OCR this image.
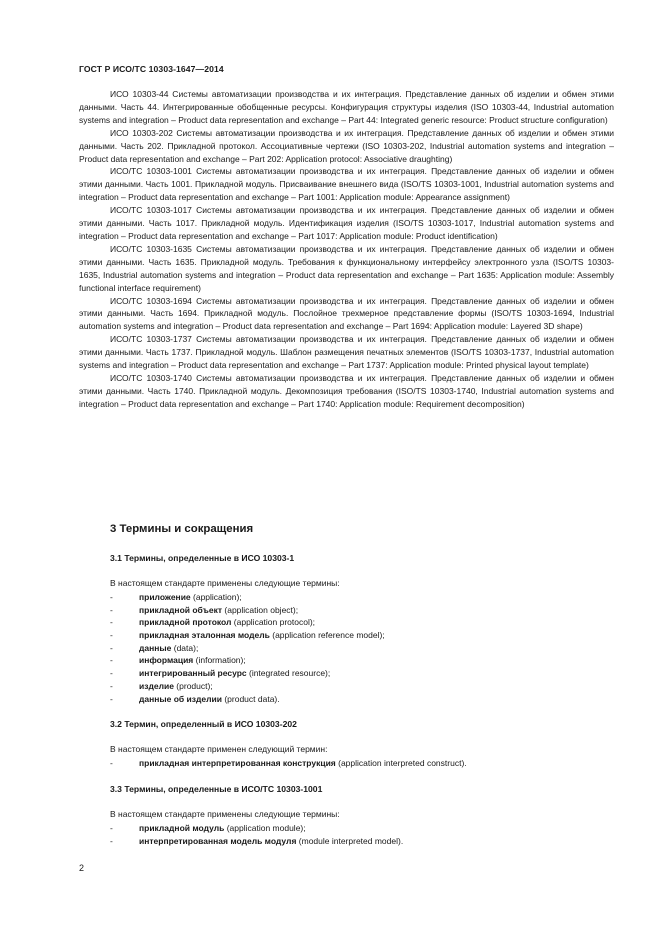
ГОСТ Р ИСО/ТС 10303-1647—2014

ИСО 10303-44 Системы автоматизации производства и их интеграция. Представление данных об изделии и обмен этими данными. Часть 44. Интегрированные обобщенные ресурсы. Конфигурация структуры изделия (ISO 10303-44, Industrial automation systems and integration – Product data representation and exchange – Part 44: Integrated generic resource: Product structure configuration)

ИСО 10303-202 Системы автоматизации производства и их интеграция. Представление данных об изделии и обмен этими данными. Часть 202. Прикладной протокол. Ассоциативные чертежи (ISO 10303-202, Industrial automation systems and integration – Product data representation and exchange – Part 202: Application protocol: Associative draughting)

ИСО/ТС 10303-1001 Системы автоматизации производства и их интеграция. Представление данных об изделии и обмен этими данными. Часть 1001. Прикладной модуль. Присваивание внешнего вида (ISO/TS 10303-1001, Industrial automation systems and integration – Product data representation and exchange – Part 1001: Application module: Appearance assignment)

ИСО/ТС 10303-1017 Системы автоматизации производства и их интеграция. Представление данных об изделии и обмен этими данными. Часть 1017. Прикладной модуль. Идентификация изделия (ISO/TS 10303-1017, Industrial automation systems and integration – Product data representation and exchange – Part 1017: Application module: Product identification)

ИСО/ТС 10303-1635 Системы автоматизации производства и их интеграция. Представление данных об изделии и обмен этими данными. Часть 1635. Прикладной модуль. Требования к функциональному интерфейсу электронного узла (ISO/TS 10303-1635, Industrial automation systems and integration – Product data representation and exchange – Part 1635: Application module: Assembly functional interface requirement)

ИСО/ТС 10303-1694 Системы автоматизации производства и их интеграция. Представление данных об изделии и обмен этими данными. Часть 1694. Прикладной модуль. Послойное трехмерное представление формы (ISO/TS 10303-1694, Industrial automation systems and integration – Product data representation and exchange – Part 1694: Application module: Layered 3D shape)

ИСО/ТС 10303-1737 Системы автоматизации производства и их интеграция. Представление данных об изделии и обмен этими данными. Часть 1737. Прикладной модуль. Шаблон размещения печатных элементов (ISO/TS 10303-1737, Industrial automation systems and integration – Product data representation and exchange – Part 1737: Application module: Printed physical layout template)

ИСО/ТС 10303-1740 Системы автоматизации производства и их интеграция. Представление данных об изделии и обмен этими данными. Часть 1740. Прикладной модуль. Декомпозиция требования (ISO/TS 10303-1740, Industrial automation systems and integration – Product data representation and exchange – Part 1740: Application module: Requirement decomposition)

3 Термины и сокращения
3.1 Термины, определенные в ИСО 10303-1
В настоящем стандарте применены следующие термины:
-	приложение (application);
-	прикладной объект (application object);
-	прикладной протокол (application protocol);
-	прикладная эталонная модель (application reference model);
-	данные (data);
-	информация (information);
-	интегрированный ресурс (integrated resource);
-	изделие (product);
-	данные об изделии (product data).
3.2 Термин, определенный в ИСО 10303-202
В настоящем стандарте применен следующий термин:
-	прикладная интерпретированная конструкция (application interpreted construct).
3.3 Термины, определенные в ИСО/ТС 10303-1001
В настоящем стандарте применены следующие термины:
-	прикладной модуль (application module);
-	интерпретированная модель модуля (module interpreted model).
2
